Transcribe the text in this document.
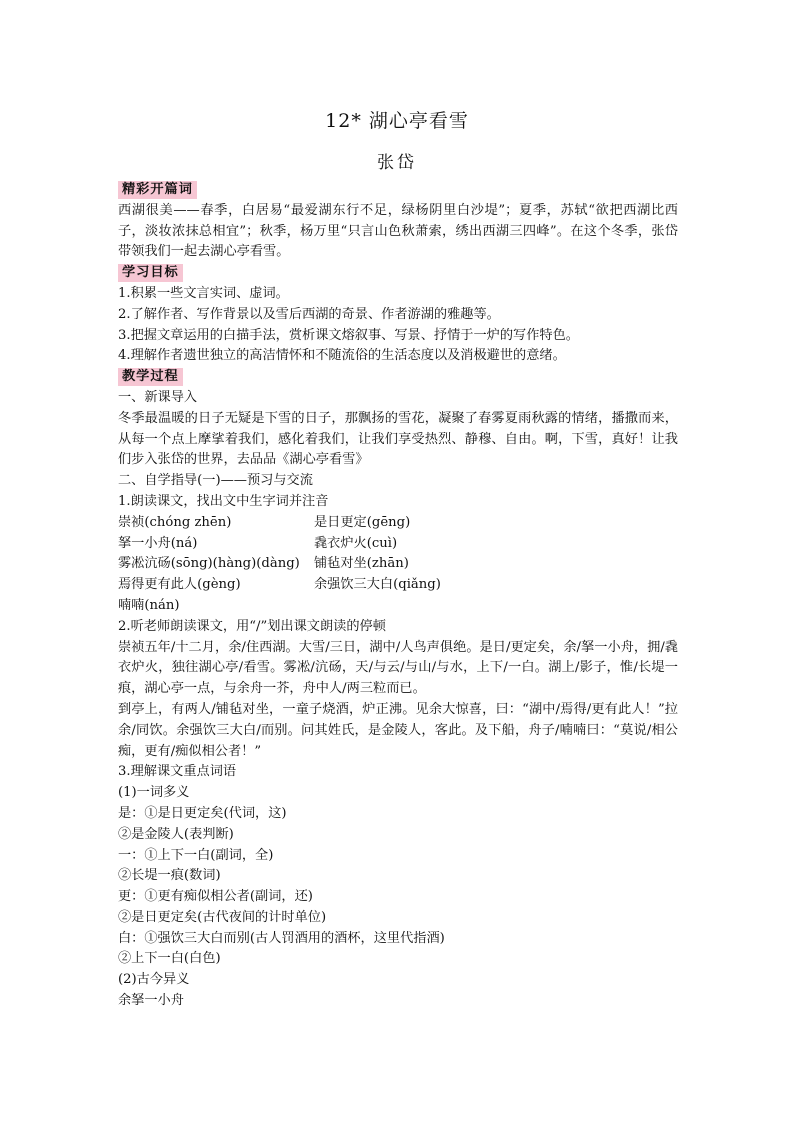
12* 湖心亭看雪
张岱
精彩开篇词
西湖很美——春季，白居易“最爱湖东行不足，绿杨阴里白沙堤”；夏季，苏轼“欲把西湖比西子，淡妆浓抹总相宜”；秋季，杨万里“只言山色秋萧索，绣出西湖三四峰”。在这个冬季，张岱带领我们一起去湖心亭看雪。
学习目标
1.积累一些文言实词、虚词。
2.了解作者、写作背景以及雪后西湖的奇景、作者游湖的雅趣等。
3.把握文章运用的白描手法，赏析课文熔叙事、写景、抒情于一炉的写作特色。
4.理解作者遗世独立的高洁情怀和不随流俗的生活态度以及消极避世的意绪。
教学过程
一、新课导入
冬季最温暖的日子无疑是下雪的日子，那飘扬的雪花，凝聚了春雾夏雨秋露的情绪，播撒而来，从每一个点上摩挲着我们，感化着我们，让我们享受热烈、静穆、自由。啊，下雪，真好！让我们步入张岱的世界，去品品《湖心亭看雪》
二、自学指导(一)——预习与交流
1.朗读课文，找出文中生字词并注音
崇祯(chóng zhēn)	是日更定(gēng)
拏一小舟(ná)	毳衣炉火(cuì)
雾凇沆砀(sōng)(hàng)(dàng)	铺毡对坐(zhān)
焉得更有此人(gèng)	余强饮三大白(qiǎng)
喃喃(nán)
2.听老师朗读课文，用“/”划出课文朗读的停顿
崇祯五年/十二月，余/住西湖。大雪/三日，湖中/人鸟声俱绝。是日/更定矣，余/拏一小舟，拥/毳衣炉火，独往湖心亭/看雪。雾凇/沆砀，天/与云/与山/与水，上下/一白。湖上/影子，惟/长堤一痕，湖心亭一点，与余舟一芥，舟中人/两三粒而已。
到亭上，有两人/铺毡对坐，一童子烧酒，炉正沸。见余大惊喜，曰：“湖中/焉得/更有此人！”拉余/同饮。余强饮三大白/而别。问其姓氏，是金陵人，客此。及下船，舟子/喃喃曰：“莫说/相公痴，更有/痴似相公者！”
3.理解课文重点词语
(1)一词多义
是：①是日更定矣(代词，这)
②是金陵人(表判断)
一：①上下一白(副词，全)
②长堤一痕(数词)
更：①更有痴似相公者(副词，还)
②是日更定矣(古代夜间的计时单位)
白：①强饮三大白而别(古人罚酒用的酒杯，这里代指酒)
②上下一白(白色)
(2)古今异义
余拏一小舟
